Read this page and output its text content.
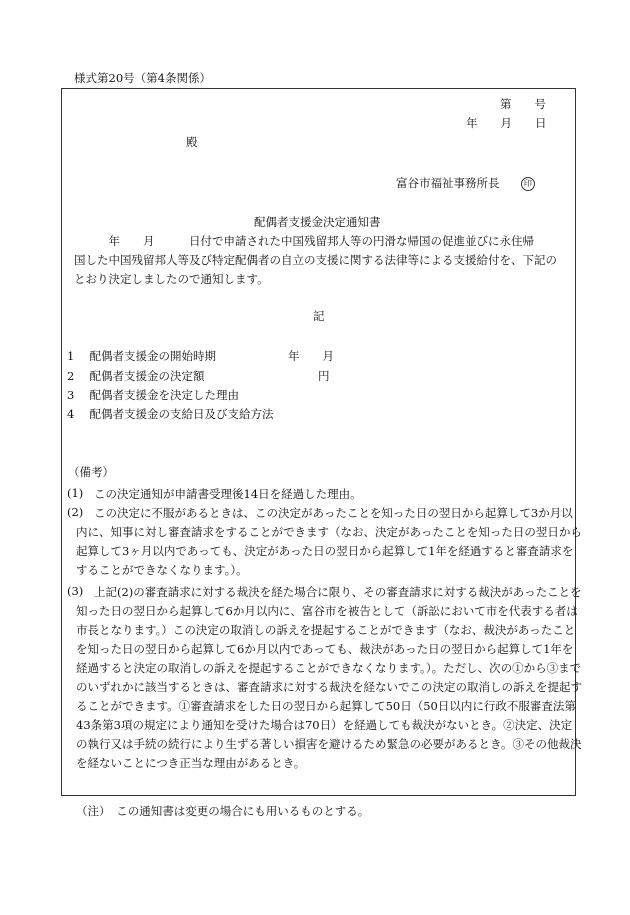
様式第20号（第4条関係）
第　　号
年　　月　　日
殿
富谷市福祉事務所長	印
配偶者支援金決定通知書
　　　年　　月　　　日付で申請された中国残留邦人等の円滑な帰国の促進並びに永住帰
国した中国残留邦人等及び特定配偶者の自立の支援に関する法律等による支援給付を、下記の
とおり決定しましたので通知します。
記
1　 配偶者支援金の開始時期	年　　月
2　 配偶者支援金の決定額	円
3　 配偶者支援金を決定した理由
4　 配偶者支援金の支給日及び支給方法
（備考）
(1) この決定通知が申請書受理後14日を経過した理由。
(2) この決定に不服があるときは、この決定があったことを知った日の翌日から起算して3か月以
内に、知事に対し審査請求をすることができます（なお、決定があったことを知った日の翌日から
起算して3ヶ月以内であっても、決定があった日の翌日から起算して1年を経過すると審査請求を
することができなくなります。）。
(3) 上記(2)の審査請求に対する裁決を経た場合に限り、その審査請求に対する裁決があったことを
知った日の翌日から起算して6か月以内に、富谷市を被告として（訴訟において市を代表する者は
市長となります。）この決定の取消しの訴えを提起することができます（なお、裁決があったこと
を知った日の翌日から起算して6か月以内であっても、裁決があった日の翌日から起算して1年を
経過すると決定の取消しの訴えを提起することができなくなります。）。ただし、次の①から③まで
のいずれかに該当するときは、審査請求に対する裁決を経ないでこの決定の取消しの訴えを提起す
ることができます。①審査請求をした日の翌日から起算して50日（50日以内に行政不服審査法第
43条第3項の規定により通知を受けた場合は70日）を経過しても裁決がないとき。②決定、決定
の執行又は手続の続行により生ずる著しい損害を避けるため緊急の必要があるとき。③その他裁決
を経ないことにつき正当な理由があるとき。
（注）　この通知書は変更の場合にも用いるものとする。
